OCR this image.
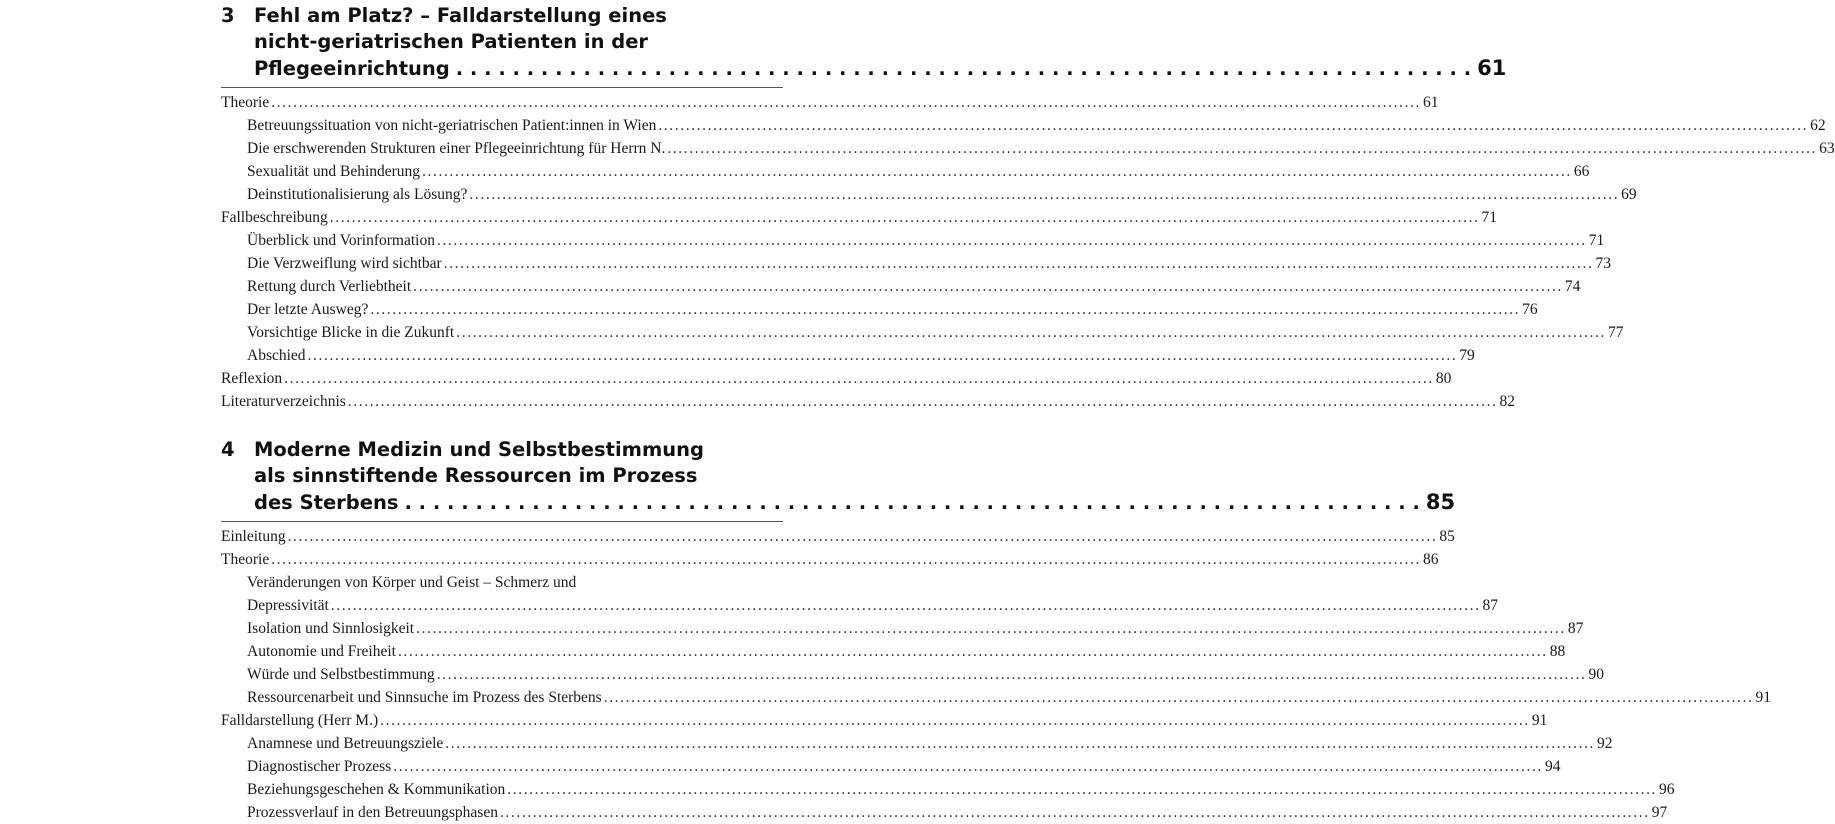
3 Fehl am Platz? – Falldarstellung eines
nicht-geriatrischen Patienten in der
Pflegeeinrichtung . . .	61
Theorie .....	61
Betreuungssituation von nicht-geriatrischen Patient:innen in Wien .....	62
Die erschwerenden Strukturen einer Pflegeeinrichtung für Herrn N. .....	63
Sexualität und Behinderung .....	66
Deinstitutionalisierung als Lösung? .....	69
Fallbeschreibung .....	71
Überblick und Vorinformation .....	71
Die Verzweiflung wird sichtbar .....	73
Rettung durch Verliebtheit .....	74
Der letzte Ausweg? .....	76
Vorsichtige Blicke in die Zukunft .....	77
Abschied .....	79
Reflexion .....	80
Literaturverzeichnis .....	82
4 Moderne Medizin und Selbstbestimmung
als sinnstiftende Ressourcen im Prozess
des Sterbens . . .	85
Einleitung .....	85
Theorie .....	86
Veränderungen von Körper und Geist – Schmerz und
Depressivität .....	87
Isolation und Sinnlosigkeit .....	87
Autonomie und Freiheit .....	88
Würde und Selbstbestimmung .....	90
Ressourcenarbeit und Sinnsuche im Prozess des Sterbens .....	91
Falldarstellung (Herr M.) .....	91
Anamnese und Betreuungsziele .....	92
Diagnostischer Prozess .....	94
Beziehungsgeschehen & Kommunikation .....	96
Prozessverlauf in den Betreuungsphasen .....	97
